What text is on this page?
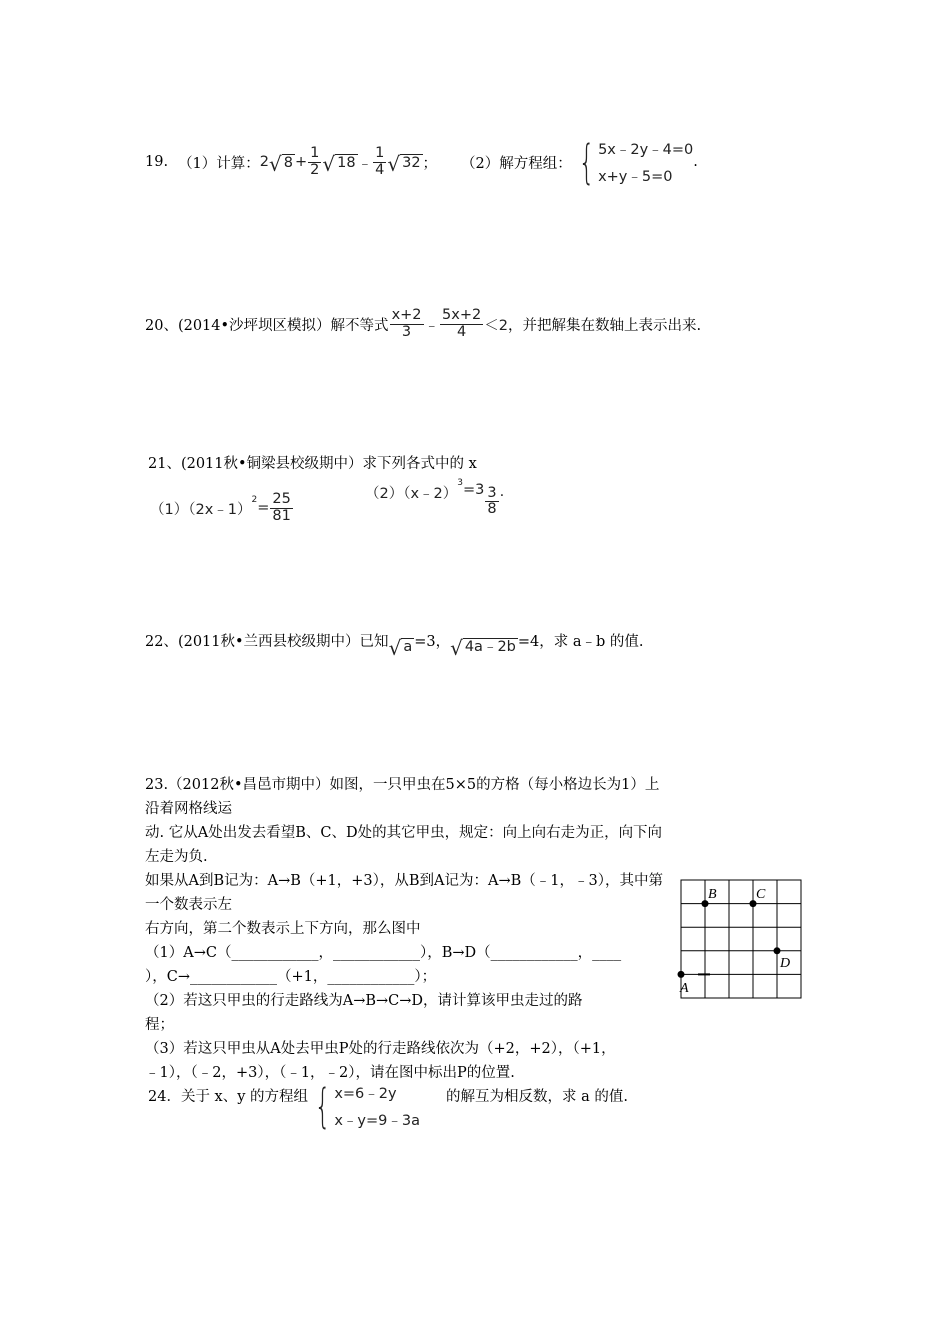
19. （1）计算： 2 √ $8 + \frac{1}{2}$ √ 18 ﹣ $\frac{1}{4}$ √ 32 ； （2）解方程组： { 5x﹣2y﹣4=0
x+y﹣5=0
.
20、(2014•沙坪坝区模拟）解不等式 $\frac{x+2}{3}$ ﹣ $\frac{5x+2}{4} <2$ ，并把解集在数轴上表示出来.
21、(2011秋•铜梁县校级期中）求下列各式中的 x
（1）（2x﹣1）
$^2 = \frac{25}{81}$	（2）（x﹣2）
$^3 =3 \frac{3}{8}$ .
22、(2011秋•兰西县校级期中）已知 √ a =3， √ 4a﹣2b =4，求 a﹣b 的值.
23.（2012秋•昌邑市期中）如图，一只甲虫在5×5的方格（每小格边长为1）上沿着网格线运
动. 它从A处出发去看望B、C、D处的其它甲虫，规定：向上向右走为正，向下向左走为负.
如果从A到B记为：A→B（+1，+3），从B到A记为：A→B（﹣1，﹣3），其中第一个数表示左
右方向，第二个数表示上下方向，那么图中
（1）A→C（____________，____________），B→D（____________，____
），C→____________（+1，____________）；
（2）若这只甲虫的行走路线为A→B→C→D，请计算该甲虫走过的路
程；
（3）若这只甲虫从A处去甲虫P处的行走路线依次为（+2，+2），（+1，
﹣1），（﹣2，+3），（﹣1，﹣2），请在图中标出P的位置.
A
B	C
D
24．关于 x、y 的方程组 { x=6﹣2y
x﹣y=9﹣3a
的解互为相反数，求 a 的值.
